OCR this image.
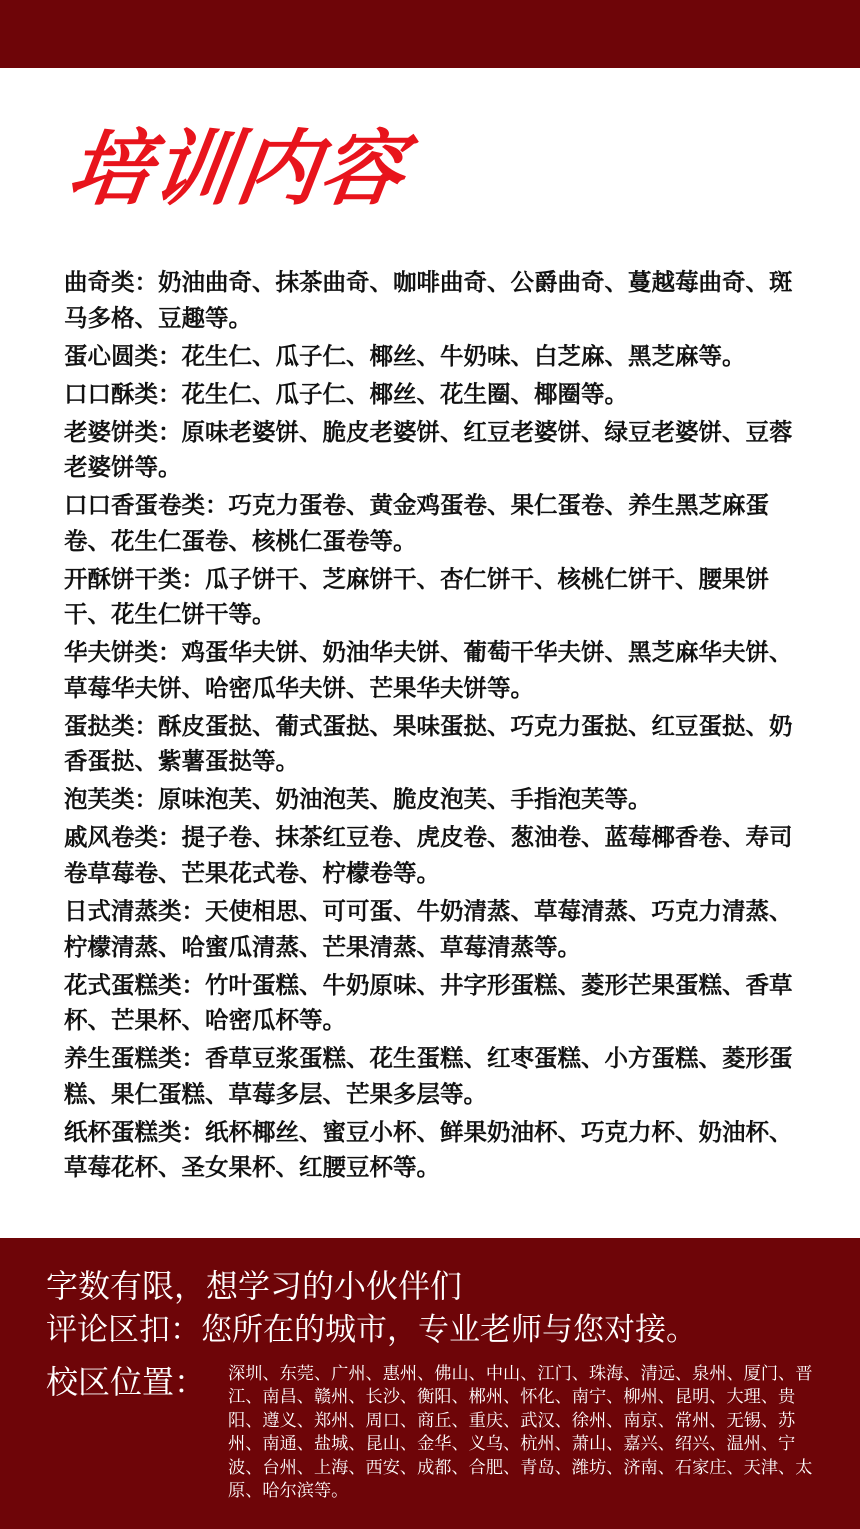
培训内容
曲奇类：奶油曲奇、抹茶曲奇、咖啡曲奇、公爵曲奇、蔓越莓曲奇、斑马多格、豆趣等。
蛋心圆类：花生仁、瓜子仁、椰丝、牛奶味、白芝麻、黑芝麻等。
口口酥类：花生仁、瓜子仁、椰丝、花生圈、椰圈等。
老婆饼类：原味老婆饼、脆皮老婆饼、红豆老婆饼、绿豆老婆饼、豆蓉老婆饼等。
口口香蛋卷类：巧克力蛋卷、黄金鸡蛋卷、果仁蛋卷、养生黑芝麻蛋卷、花生仁蛋卷、核桃仁蛋卷等。
开酥饼干类：瓜子饼干、芝麻饼干、杏仁饼干、核桃仁饼干、腰果饼干、花生仁饼干等。
华夫饼类：鸡蛋华夫饼、奶油华夫饼、葡萄干华夫饼、黑芝麻华夫饼、草莓华夫饼、哈密瓜华夫饼、芒果华夫饼等。
蛋挞类：酥皮蛋挞、葡式蛋挞、果味蛋挞、巧克力蛋挞、红豆蛋挞、奶香蛋挞、紫薯蛋挞等。
泡芙类：原味泡芙、奶油泡芙、脆皮泡芙、手指泡芙等。
戚风卷类：提子卷、抹茶红豆卷、虎皮卷、葱油卷、蓝莓椰香卷、寿司卷草莓卷、芒果花式卷、柠檬卷等。
日式清蒸类：天使相思、可可蛋、牛奶清蒸、草莓清蒸、巧克力清蒸、柠檬清蒸、哈蜜瓜清蒸、芒果清蒸、草莓清蒸等。
花式蛋糕类：竹叶蛋糕、牛奶原味、井字形蛋糕、菱形芒果蛋糕、香草杯、芒果杯、哈密瓜杯等。
养生蛋糕类：香草豆浆蛋糕、花生蛋糕、红枣蛋糕、小方蛋糕、菱形蛋糕、果仁蛋糕、草莓多层、芒果多层等。
纸杯蛋糕类：纸杯椰丝、蜜豆小杯、鲜果奶油杯、巧克力杯、奶油杯、草莓花杯、圣女果杯、红腰豆杯等。
字数有限，想学习的小伙伴们
评论区扣：您所在的城市，专业老师与您对接。
校区位置： 深圳、东莞、广州、惠州、佛山、中山、江门、珠海、清远、泉州、厦门、晋江、南昌、赣州、长沙、衡阳、郴州、怀化、南宁、柳州、昆明、大理、贵阳、遵义、郑州、周口、商丘、重庆、武汉、徐州、南京、常州、无锡、苏州、南通、盐城、昆山、金华、义乌、杭州、萧山、嘉兴、绍兴、温州、宁波、台州、上海、西安、成都、合肥、青岛、潍坊、济南、石家庄、天津、太原、哈尔滨等。
